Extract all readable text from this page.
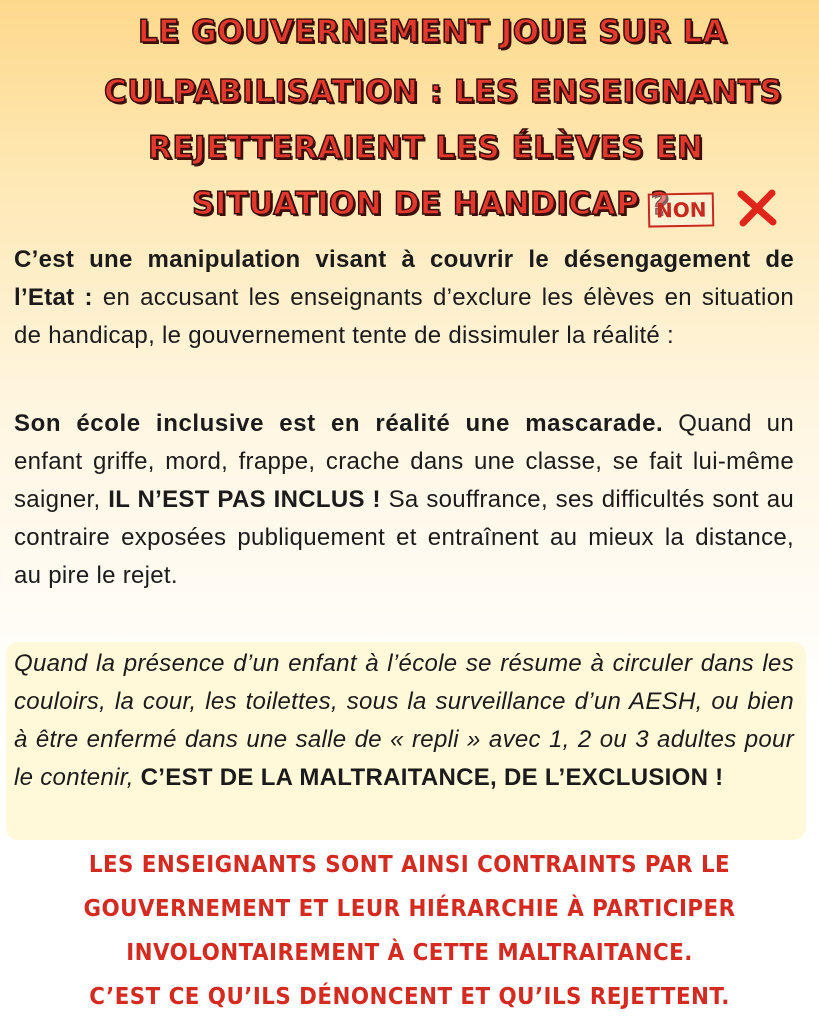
LE GOUVERNEMENT JOUE SUR LA
CULPABILISATION : LES ENSEIGNANTS
REJETTERAIENT LES ÉLÈVES EN
SITUATION DE HANDICAP ?
NON
C’est une manipulation visant à couvrir le désengagement de l’Etat : en accusant les enseignants d’exclure les élèves en situation de handicap, le gouvernement tente de dissimuler la réalité :
Son école inclusive est en réalité une mascarade. Quand un enfant griffe, mord, frappe, crache dans une classe, se fait lui-même saigner, IL N’EST PAS INCLUS ! Sa souffrance, ses difficultés sont au contraire exposées publiquement et entraînent au mieux la distance, au pire le rejet.
Quand la présence d’un enfant à l’école se résume à circuler dans les couloirs, la cour, les toilettes, sous la surveillance d’un AESH, ou bien à être enfermé dans une salle de « repli » avec 1, 2 ou 3 adultes pour le contenir, C’EST DE LA MALTRAITANCE, DE L’EXCLUSION !
LES ENSEIGNANTS SONT AINSI CONTRAINTS PAR LE
GOUVERNEMENT ET LEUR HIÉRARCHIE À PARTICIPER
INVOLONTAIREMENT À CETTE MALTRAITANCE.
C’EST CE QU’ILS DÉNONCENT ET QU’ILS REJETTENT.
